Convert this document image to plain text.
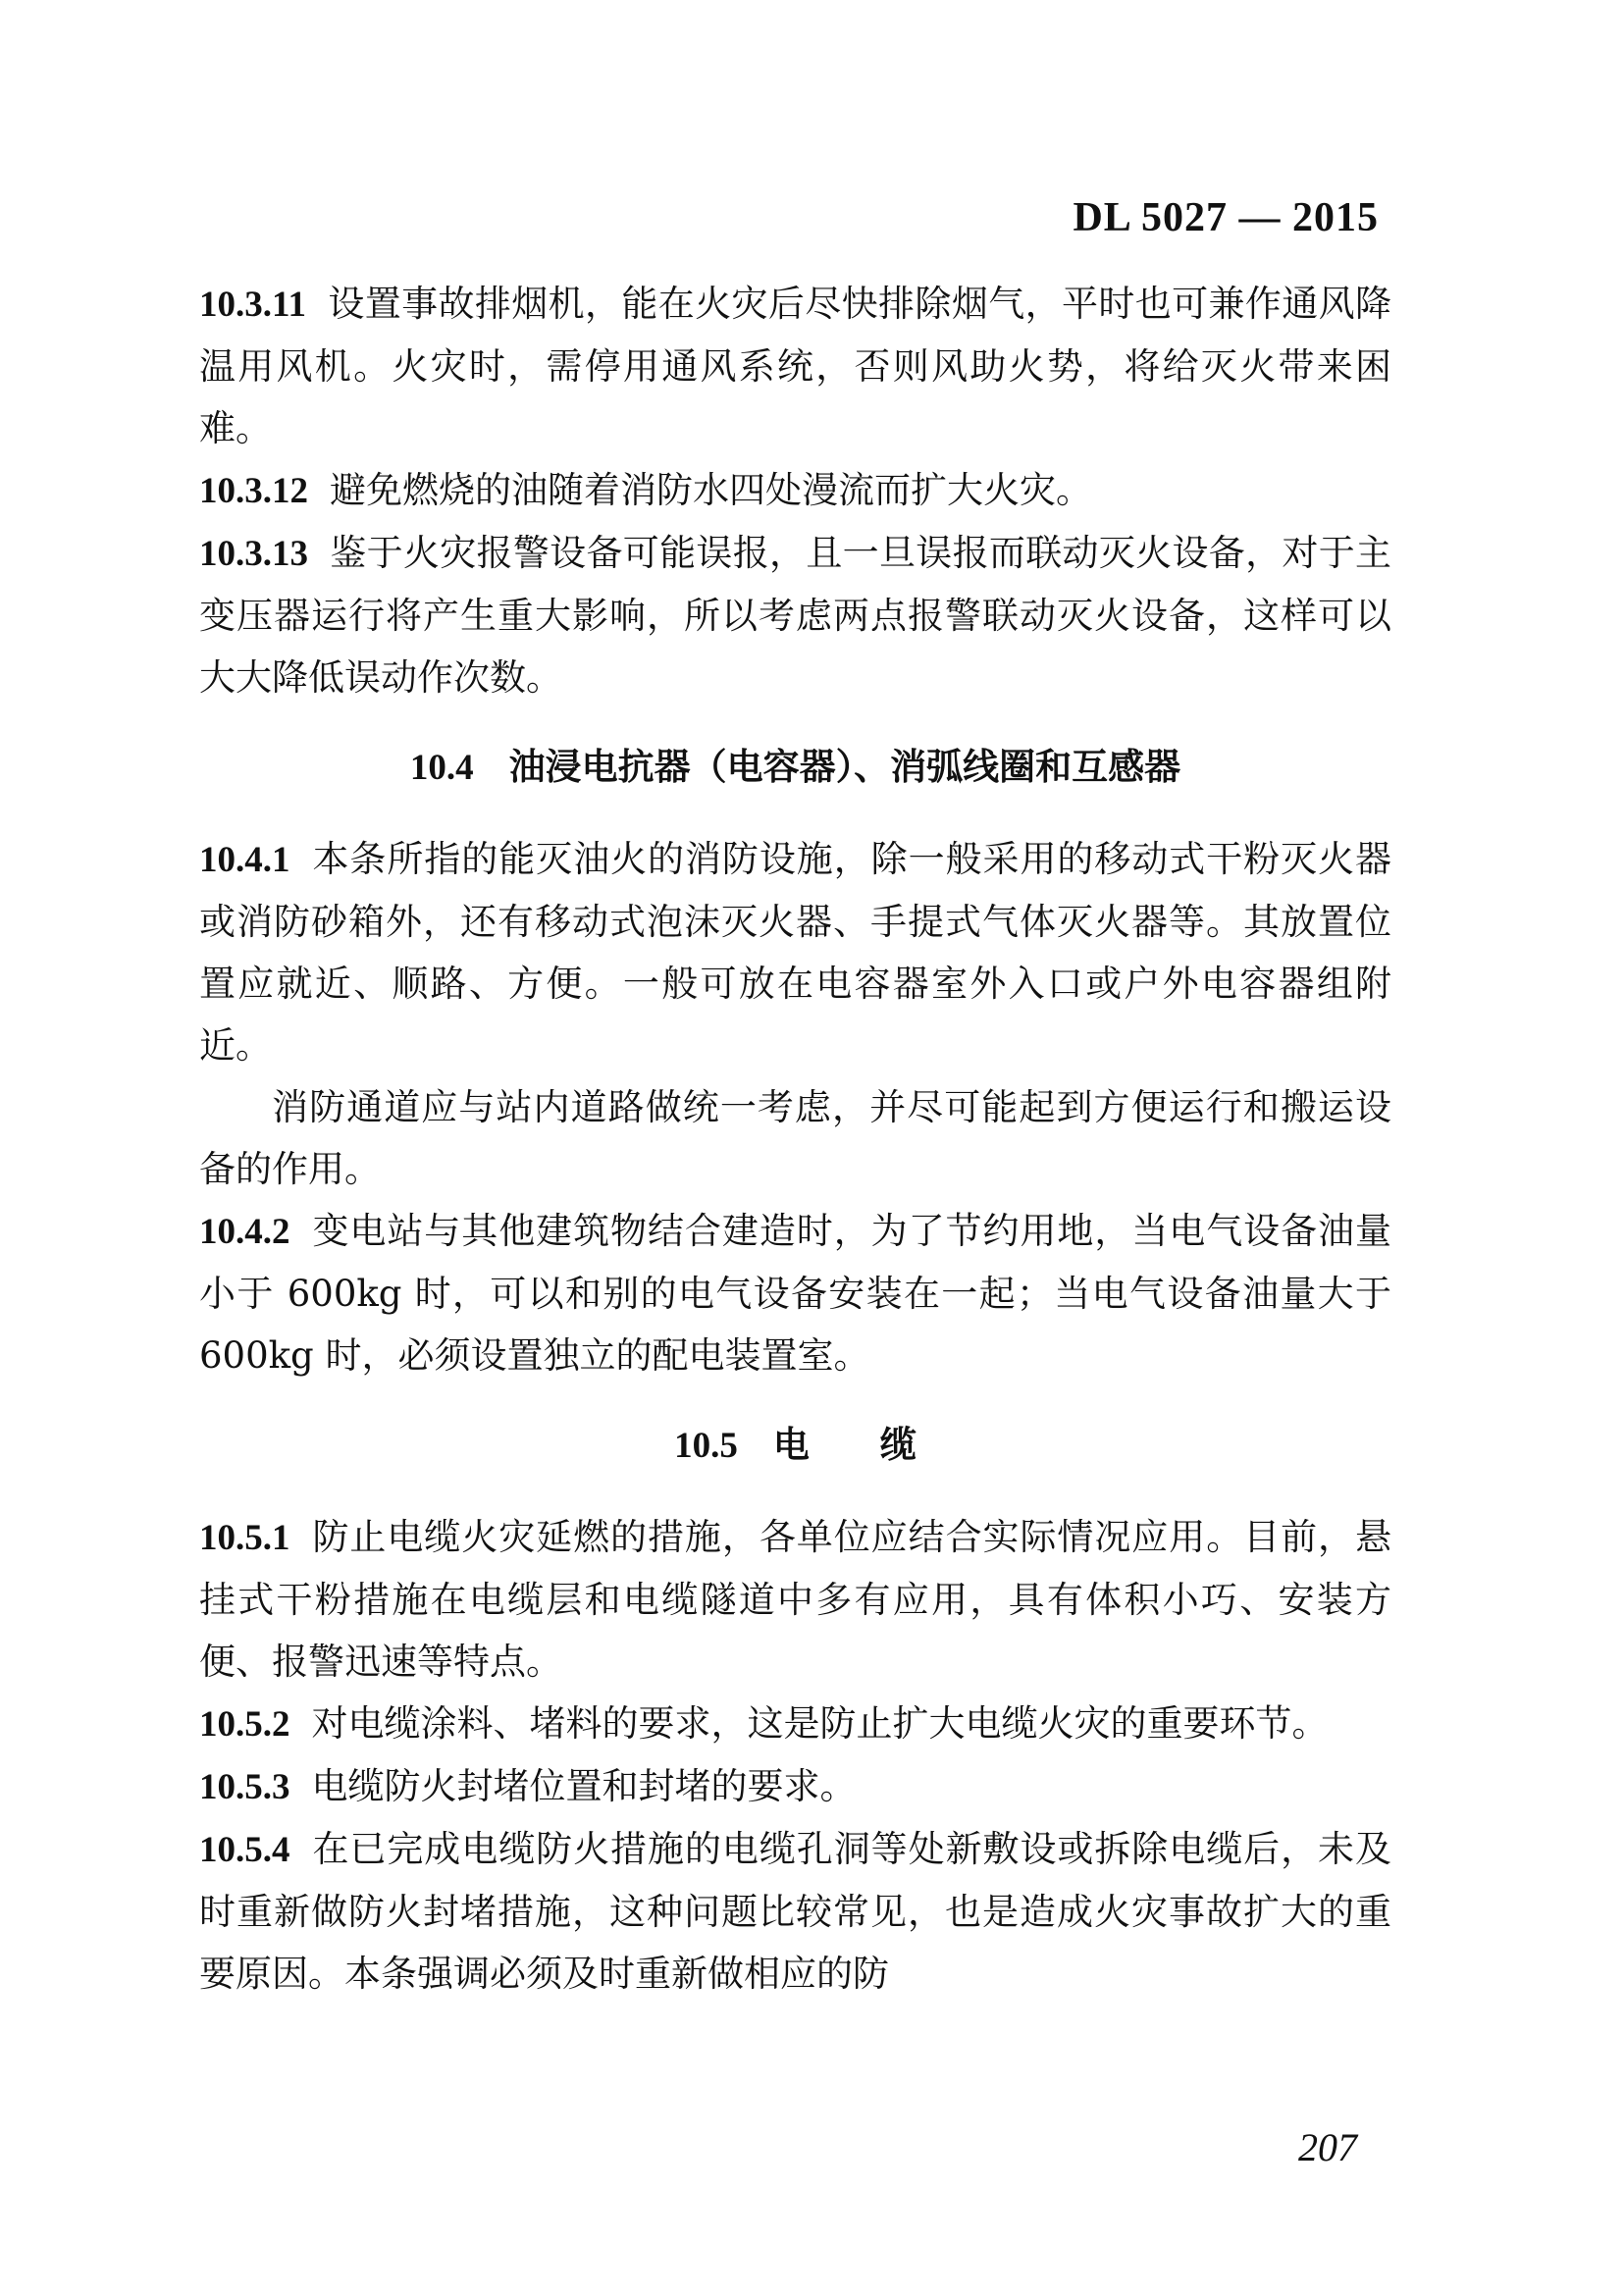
DL 5027 — 2015

10.3.11 设置事故排烟机，能在火灾后尽快排除烟气，平时也可兼作通风降温用风机。火灾时，需停用通风系统，否则风助火势，将给灭火带来困难。

10.3.12 避免燃烧的油随着消防水四处漫流而扩大火灾。

10.3.13 鉴于火灾报警设备可能误报，且一旦误报而联动灭火设备，对于主变压器运行将产生重大影响，所以考虑两点报警联动灭火设备，这样可以大大降低误动作次数。

10.4 油浸电抗器（电容器）、消弧线圈和互感器

10.4.1 本条所指的能灭油火的消防设施，除一般采用的移动式干粉灭火器或消防砂箱外，还有移动式泡沫灭火器、手提式气体灭火器等。其放置位置应就近、顺路、方便。一般可放在电容器室外入口或户外电容器组附近。

消防通道应与站内道路做统一考虑，并尽可能起到方便运行和搬运设备的作用。

10.4.2 变电站与其他建筑物结合建造时，为了节约用地，当电气设备油量小于 600kg 时，可以和别的电气设备安装在一起；当电气设备油量大于 600kg 时，必须设置独立的配电装置室。

10.5 电缆

10.5.1 防止电缆火灾延燃的措施，各单位应结合实际情况应用。目前，悬挂式干粉措施在电缆层和电缆隧道中多有应用，具有体积小巧、安装方便、报警迅速等特点。

10.5.2 对电缆涂料、堵料的要求，这是防止扩大电缆火灾的重要环节。

10.5.3 电缆防火封堵位置和封堵的要求。

10.5.4 在已完成电缆防火措施的电缆孔洞等处新敷设或拆除电缆后，未及时重新做防火封堵措施，这种问题比较常见，也是造成火灾事故扩大的重要原因。本条强调必须及时重新做相应的防

207
